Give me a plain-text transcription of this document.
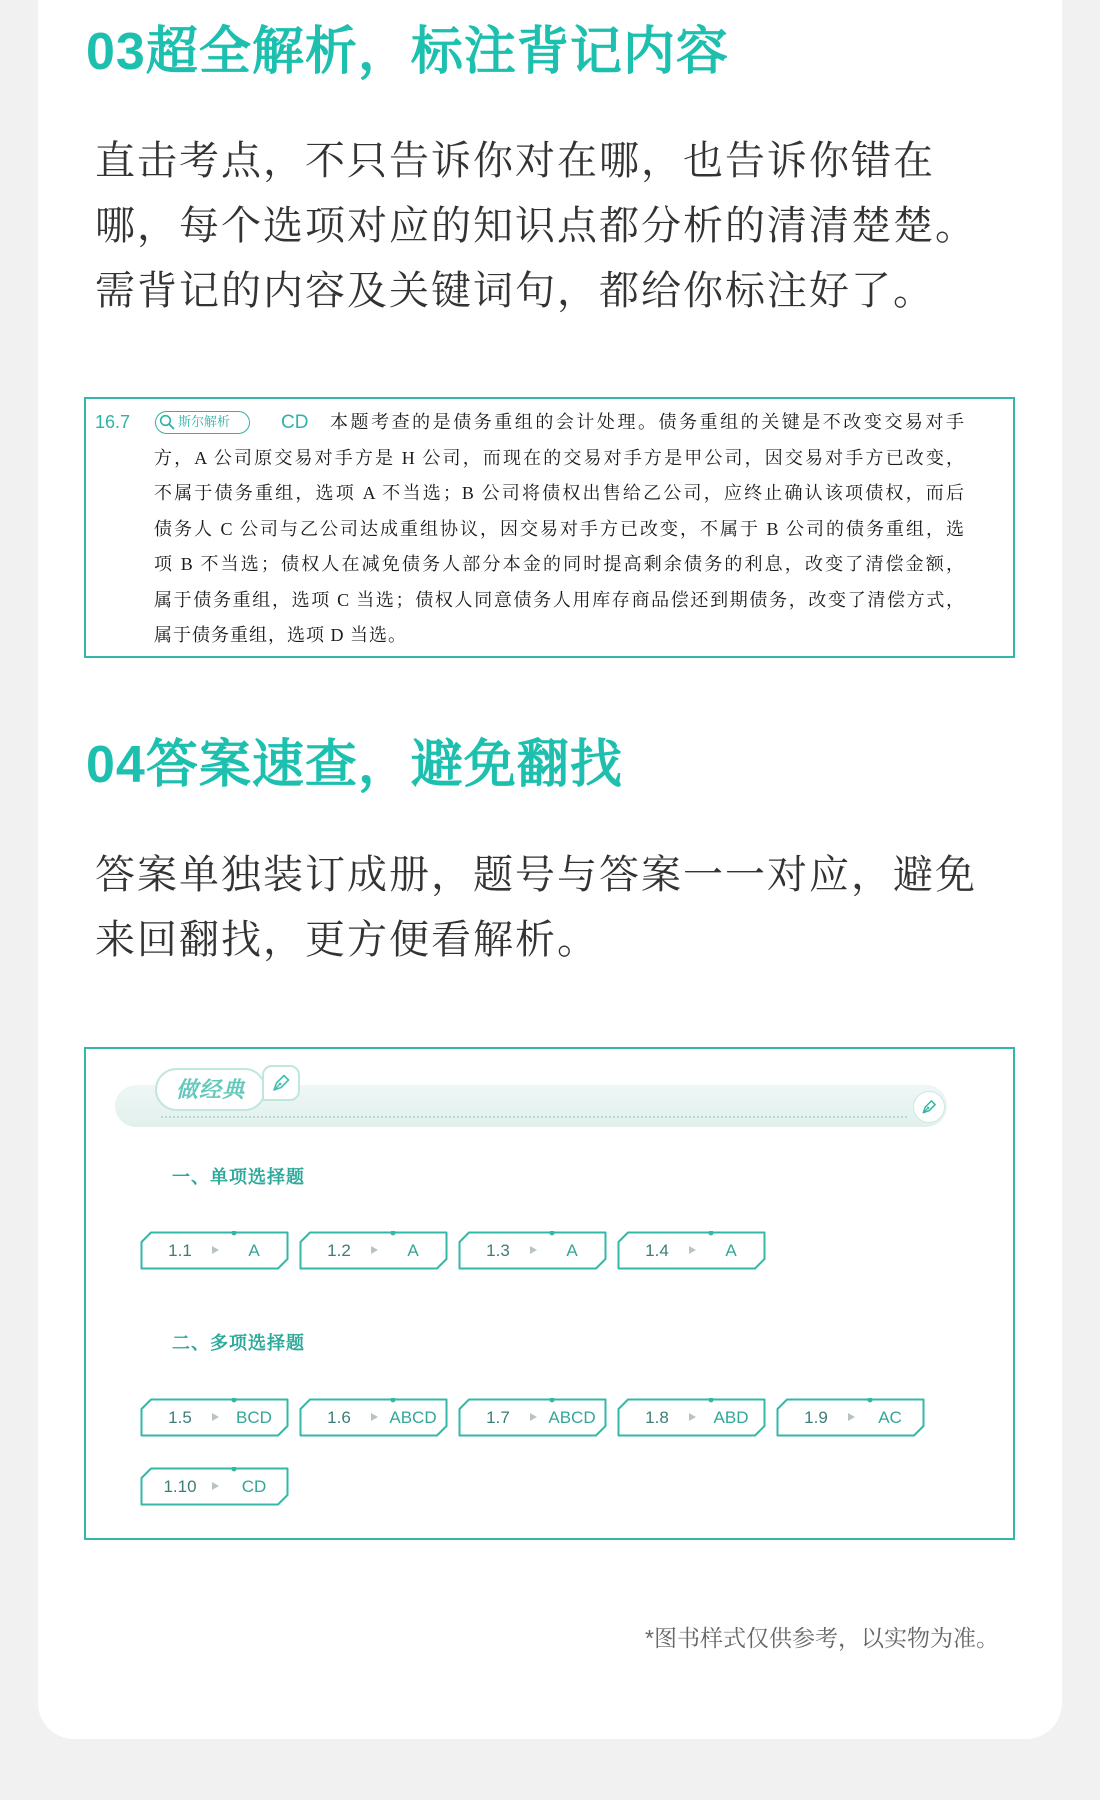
03超全解析，标注背记内容
直击考点，不只告诉你对在哪，也告诉你错在
哪，每个选项对应的知识点都分析的清清楚楚。
需背记的内容及关键词句，都给你标注好了。
16.7	斯尔解析	CD 本题考查的是债务重组的会计处理。债务重组的关键是不改变交易对手
方，A 公司原交易对手方是 H 公司，而现在的交易对手方是甲公司，因交易对手方已改变，
不属于债务重组，选项 A 不当选；B 公司将债权出售给乙公司，应终止确认该项债权，而后
债务人 C 公司与乙公司达成重组协议，因交易对手方已改变，不属于 B 公司的债务重组，选
项 B 不当选；债权人在减免债务人部分本金的同时提高剩余债务的利息，改变了清偿金额，
属于债务重组，选项 C 当选；债权人同意债务人用库存商品偿还到期债务，改变了清偿方式，
属于债务重组，选项 D 当选。
04答案速查，避免翻找
答案单独装订成册，题号与答案一一对应，避免
来回翻找，更方便看解析。
做经典
一、单项选择题
1.1	A	1.2	A	1.3	A	1.4	A
二、多项选择题
1.5	BCD	1.6	ABCD	1.7	ABCD	1.8	ABD	1.9	AC
1.10	CD
*图书样式仅供参考，以实物为准。
